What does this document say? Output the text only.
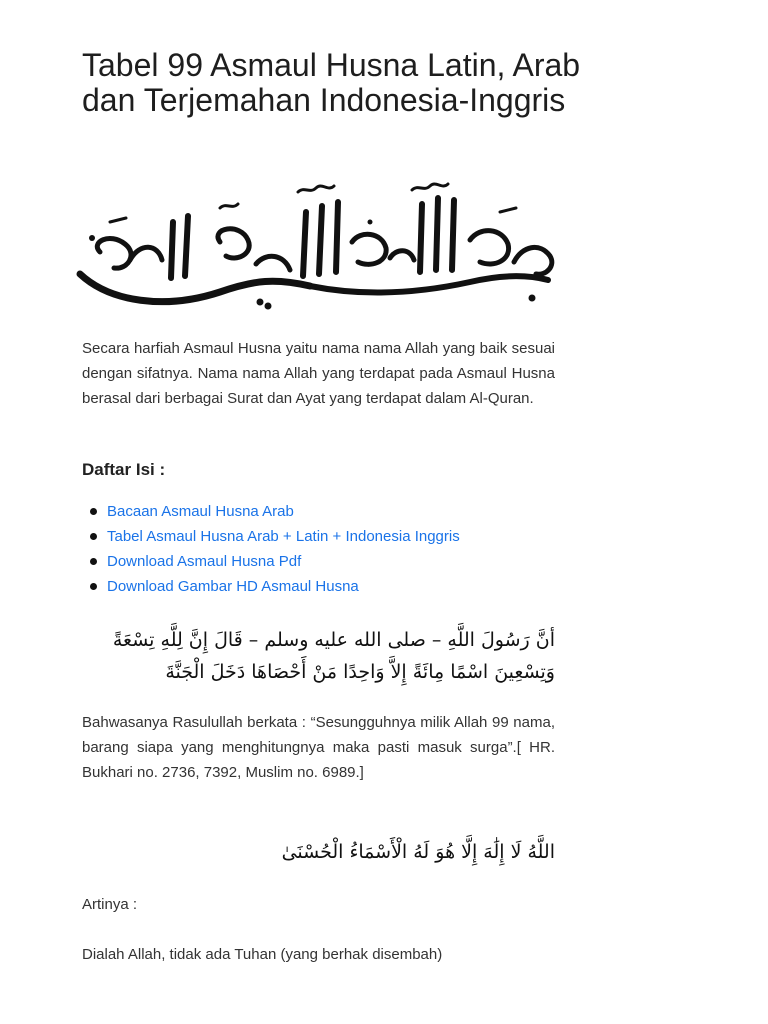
Tabel 99 Asmaul Husna Latin, Arab dan Terjemahan Indonesia-Inggris

Secara harfiah Asmaul Husna yaitu nama nama Allah yang baik sesuai dengan sifatnya. Nama nama Allah yang terdapat pada Asmaul Husna berasal dari berbagai Surat dan Ayat yang terdapat dalam Al-Quran.

Daftar Isi :
Bacaan Asmaul Husna Arab
Tabel Asmaul Husna Arab + Latin + Indonesia Inggris
Download Asmaul Husna Pdf
Download Gambar HD Asmaul Husna

أنَّ رَسُولَ اللَّهِ – صلى الله عليه وسلم – قَالَ إِنَّ لِلَّهِ تِسْعَةً

وَتِسْعِينَ اسْمًا مِائَةً إِلاَّ وَاحِدًا مَنْ أَحْصَاهَا دَخَلَ الْجَنَّةَ

Bahwasanya Rasulullah berkata : “Sesungguhnya milik Allah 99 nama, barang siapa yang menghitungnya maka pasti masuk surga”.[ HR. Bukhari no. 2736, 7392, Muslim no. 6989.]

اللَّهُ لَا إِلَٰهَ إِلَّا هُوَ لَهُ الْأَسْمَاءُ الْحُسْنَىٰ

Artinya :

Dialah Allah, tidak ada Tuhan (yang berhak disembah)
